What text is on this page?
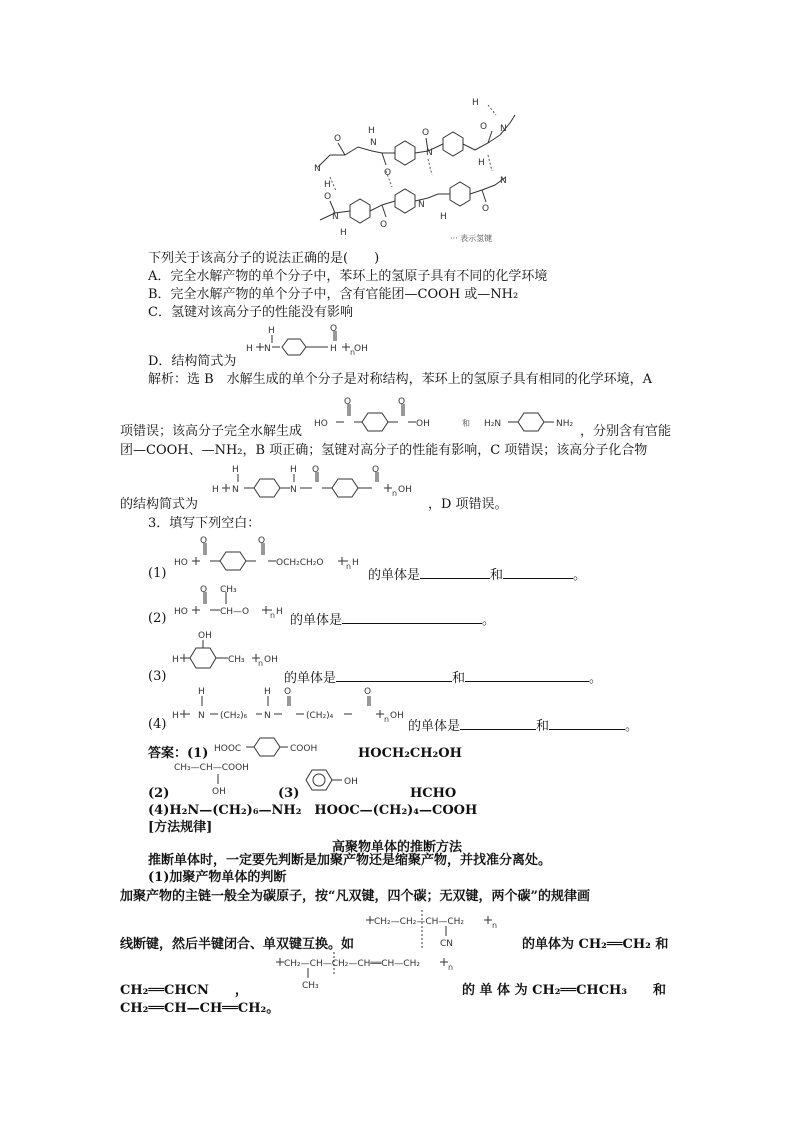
O
N
H
H
N
O
O
N
H
O
H
N
O
N
H
O
N
H
O
N
··· 表示氢键
下列关于该高分子的说法正确的是(　　)
A．完全水解产物的单个分子中，苯环上的氢原子具有不同的化学环境
B．完全水解产物的单个分子中，含有官能团—COOH 或—NH₂
C．氢键对该高分子的性能没有影响
D．结构简式为
H N
H	O
H n
OH
解析：选 B　水解生成的单个分子是对称结构，苯环上的氢原子具有相同的化学环境，A
项错误；该高分子完全水解生成 HO
O	O
OH	和 H₂N	NH₂ ，分别含有官能
团—COOH、—NH₂，B 项正确；氢键对高分子的性能有影响，C 项错误；该高分子化合物
的结构简式为
H
H
N
H
N
O	O
n OH
，D 项错误。
3．填写下列空白：
(1)
HO
O	O
OCH₂CH₂O	n H
的单体是	和	。
(2) HO
O CH₃
CH—O	n H
的单体是	。
(3)
OH
H	CH₃ n OH
的单体是	和	。
(4)
H
H
N (CH₂)₆
H
N
O
(CH₂)₄
O
n OH
的单体是	和	。
答案：(1) HOOC	COOH	HOCH₂CH₂OH
CH₃—CH—COOH
OH
(2)	(3)
OH
HCHO
(4)H₂N—(CH₂)₆—NH₂　HOOC—(CH₂)₄—COOH
[方法规律]
高聚物单体的推断方法
推断单体时，一定要先判断是加聚产物还是缩聚产物，并找准分离处。
(1)加聚产物单体的判断
加聚产物的主链一般全为碳原子，按“凡双键，四个碳；无双键，两个碳”的规律画
CH₂—CH₂—CH—CH₂	n
CN
线断键，然后半键闭合、单双键互换。如	的单体为 CH₂══CH₂ 和
CH₂—CH—CH₂—CH══CH—CH₂	n
CH₃
CH₂══CHCN　　，	的 单 体 为 CH₂══CHCH₃　　和
CH₂══CH—CH══CH₂。
